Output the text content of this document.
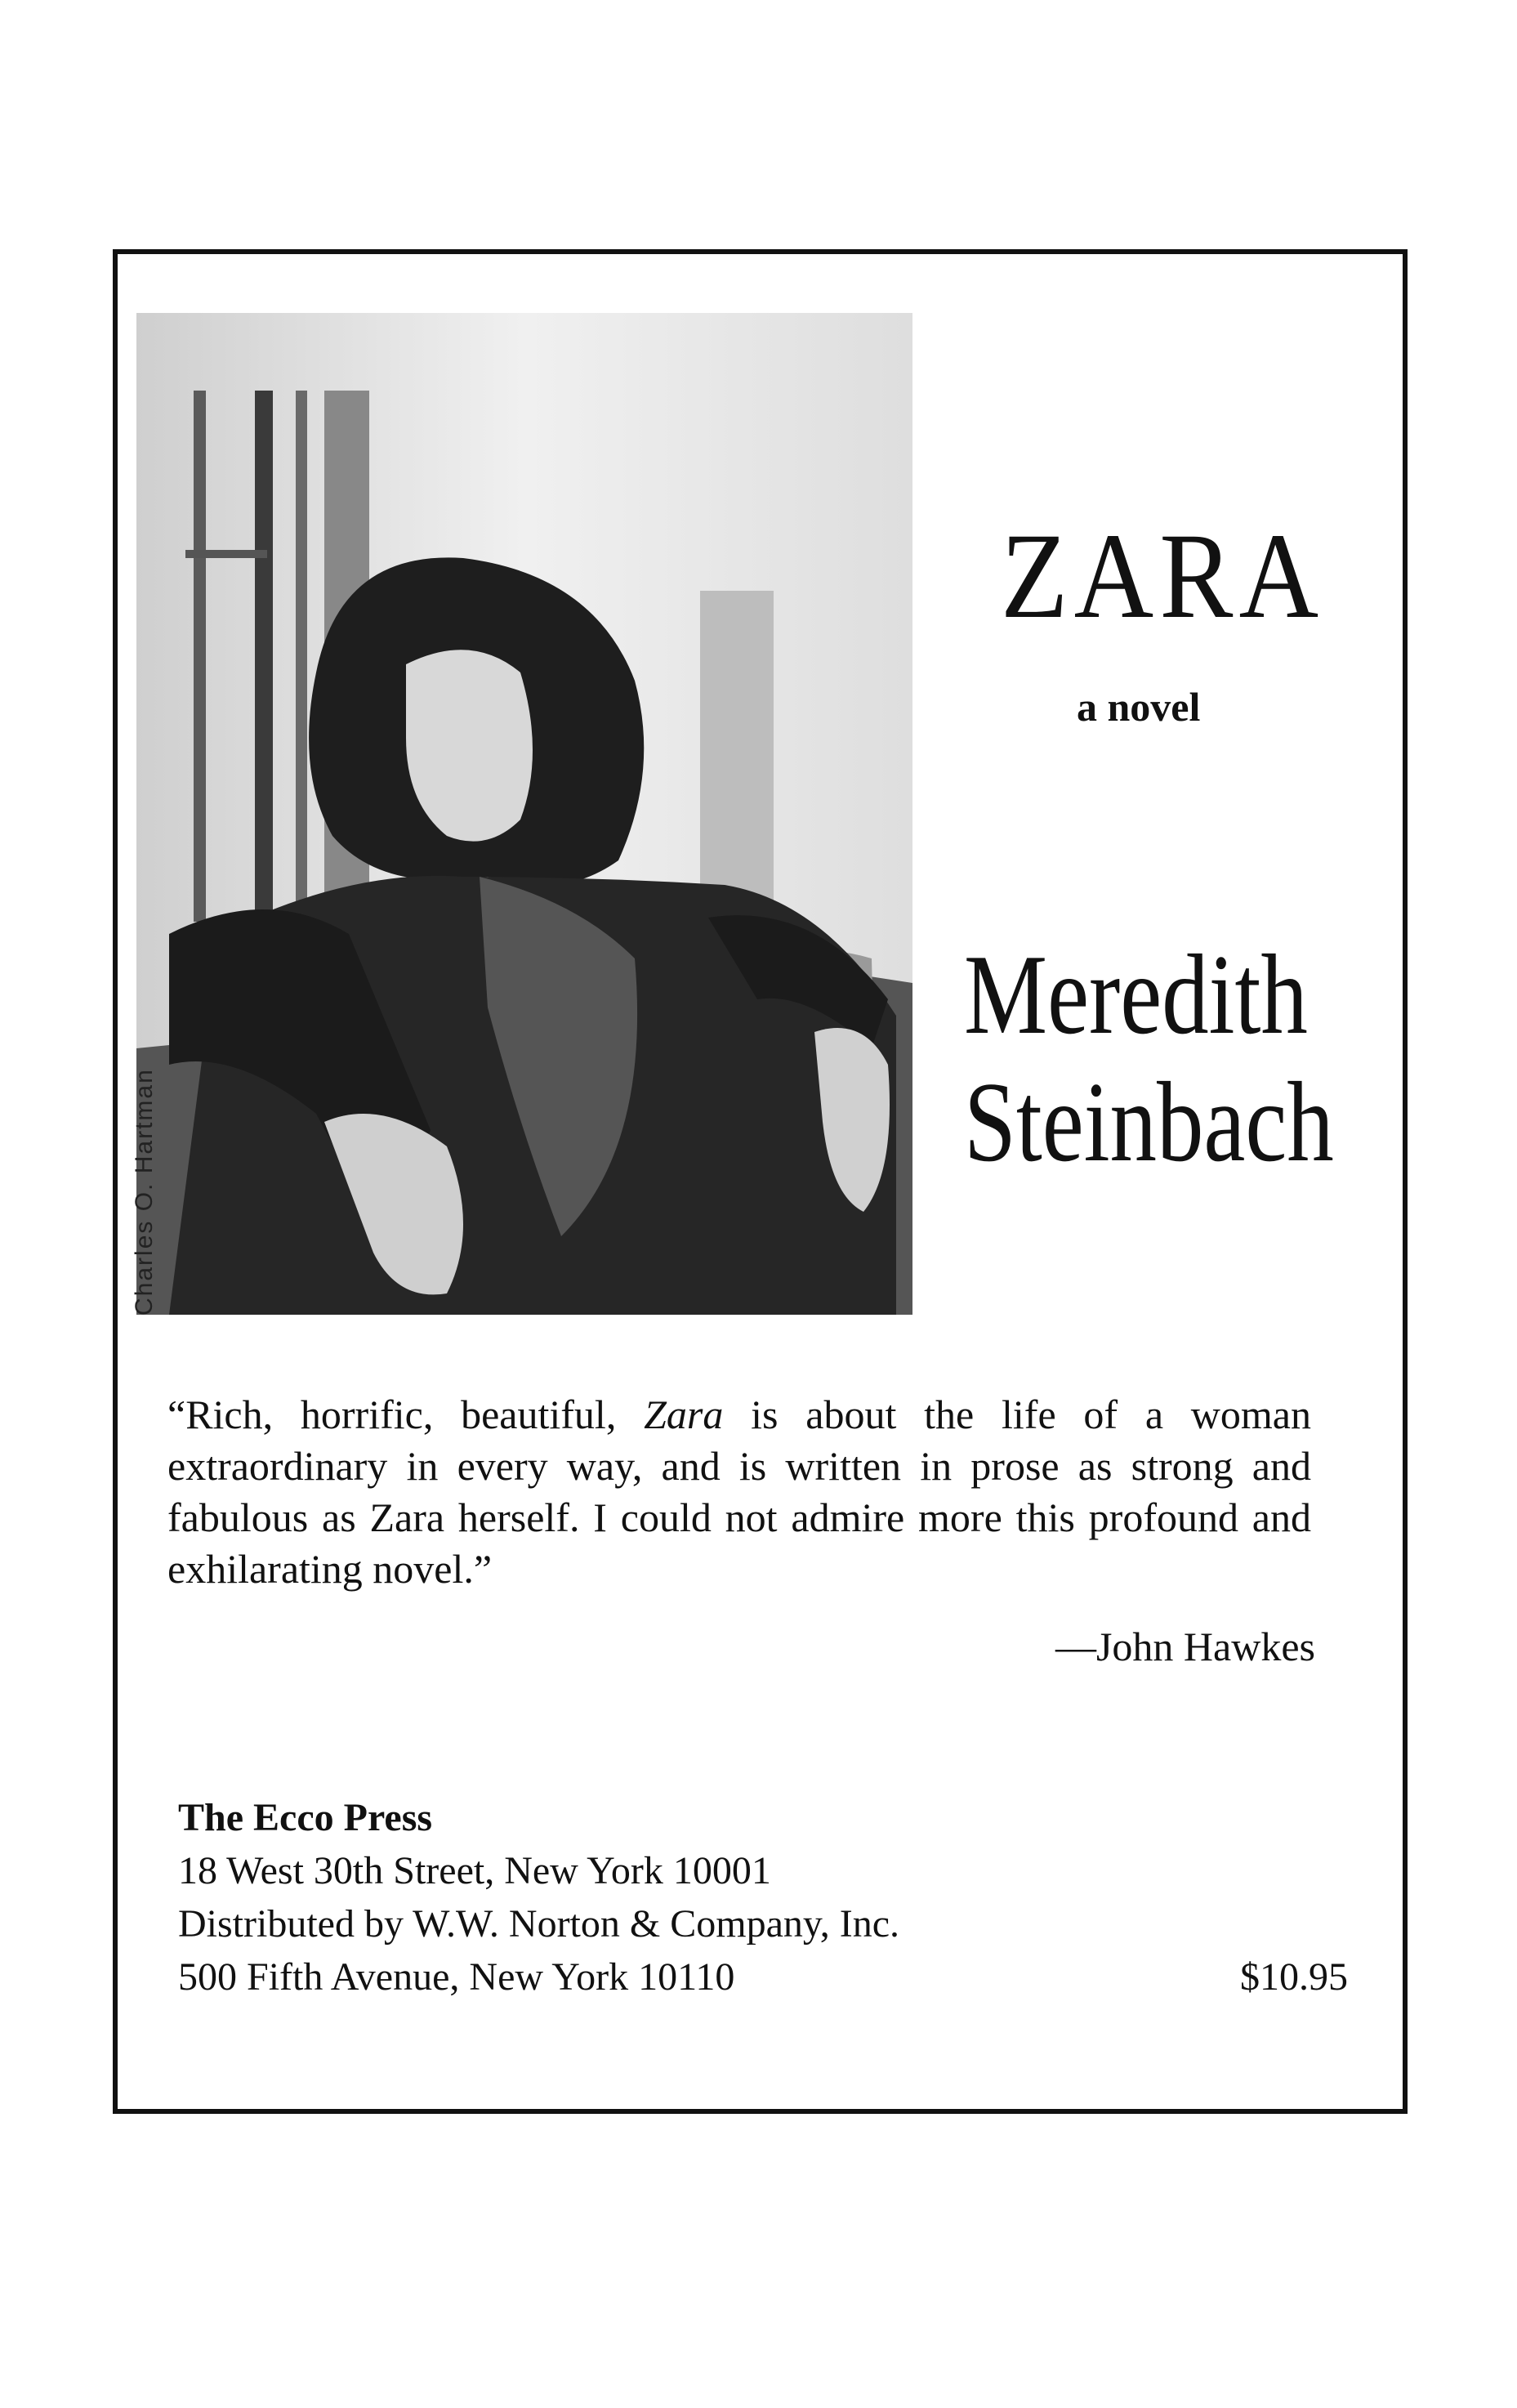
Charles O. Hartman
ZARA
a novel
Meredith
Steinbach
“Rich, horrific, beautiful, Zara is about the life of a woman extraordinary in every way, and is written in prose as strong and fabulous as Zara herself. I could not admire more this profound and exhilarating novel.”
—John Hawkes
The Ecco Press
18 West 30th Street, New York 10001
Distributed by W.W. Norton & Company, Inc.
500 Fifth Avenue, New York 10110	$10.95
